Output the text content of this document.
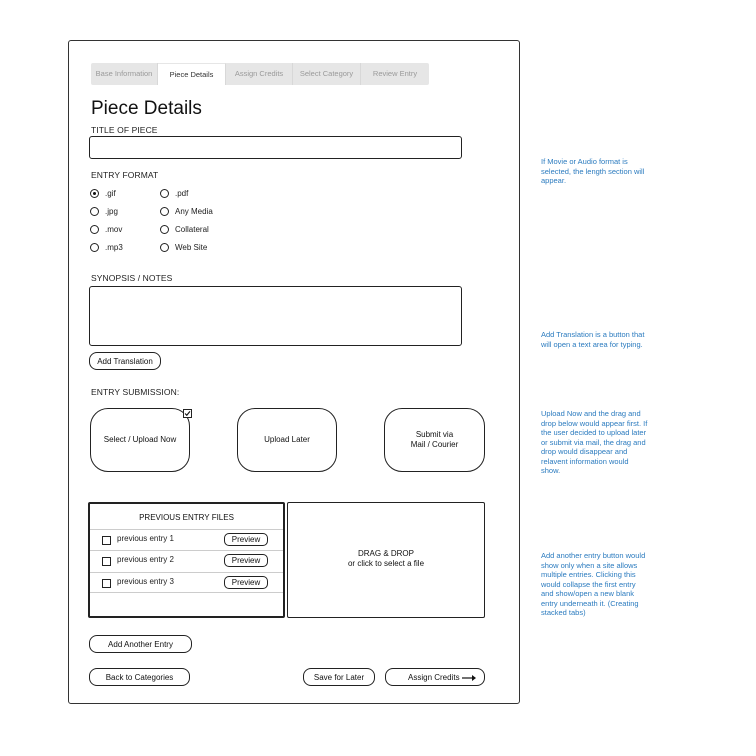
Base Information	Piece Details	Assign Credits	Select Category	Review Entry
Piece Details
TITLE OF PIECE
ENTRY FORMAT
.gif
.jpg
.mov
.mp3
.pdf
Any Media
Collateral
Web Site
SYNOPSIS / NOTES
Add Translation
ENTRY SUBMISSION:
Select / Upload Now	Upload Later
Submit via
Mail / Courier
PREVIOUS ENTRY FILES
previous entry 1	Preview
previous entry 2	Preview
previous entry 3	Preview
DRAG & DROP
or click to select a file
Add Another Entry
Back to Categories	Save for Later	Assign Credits
If Movie or Audio format is selected, the length section will appear.
Add Translation is a button that will open a text area for typing.
Upload Now and the drag and drop below would appear first. If the user decided to upload later or submit via mail, the drag and drop would disappear and relavent information would show.
Add another entry button would show only when a site allows multiple entries. Clicking this would collapse the first entry and show/open a new blank entry underneath it. (Creating stacked tabs)
